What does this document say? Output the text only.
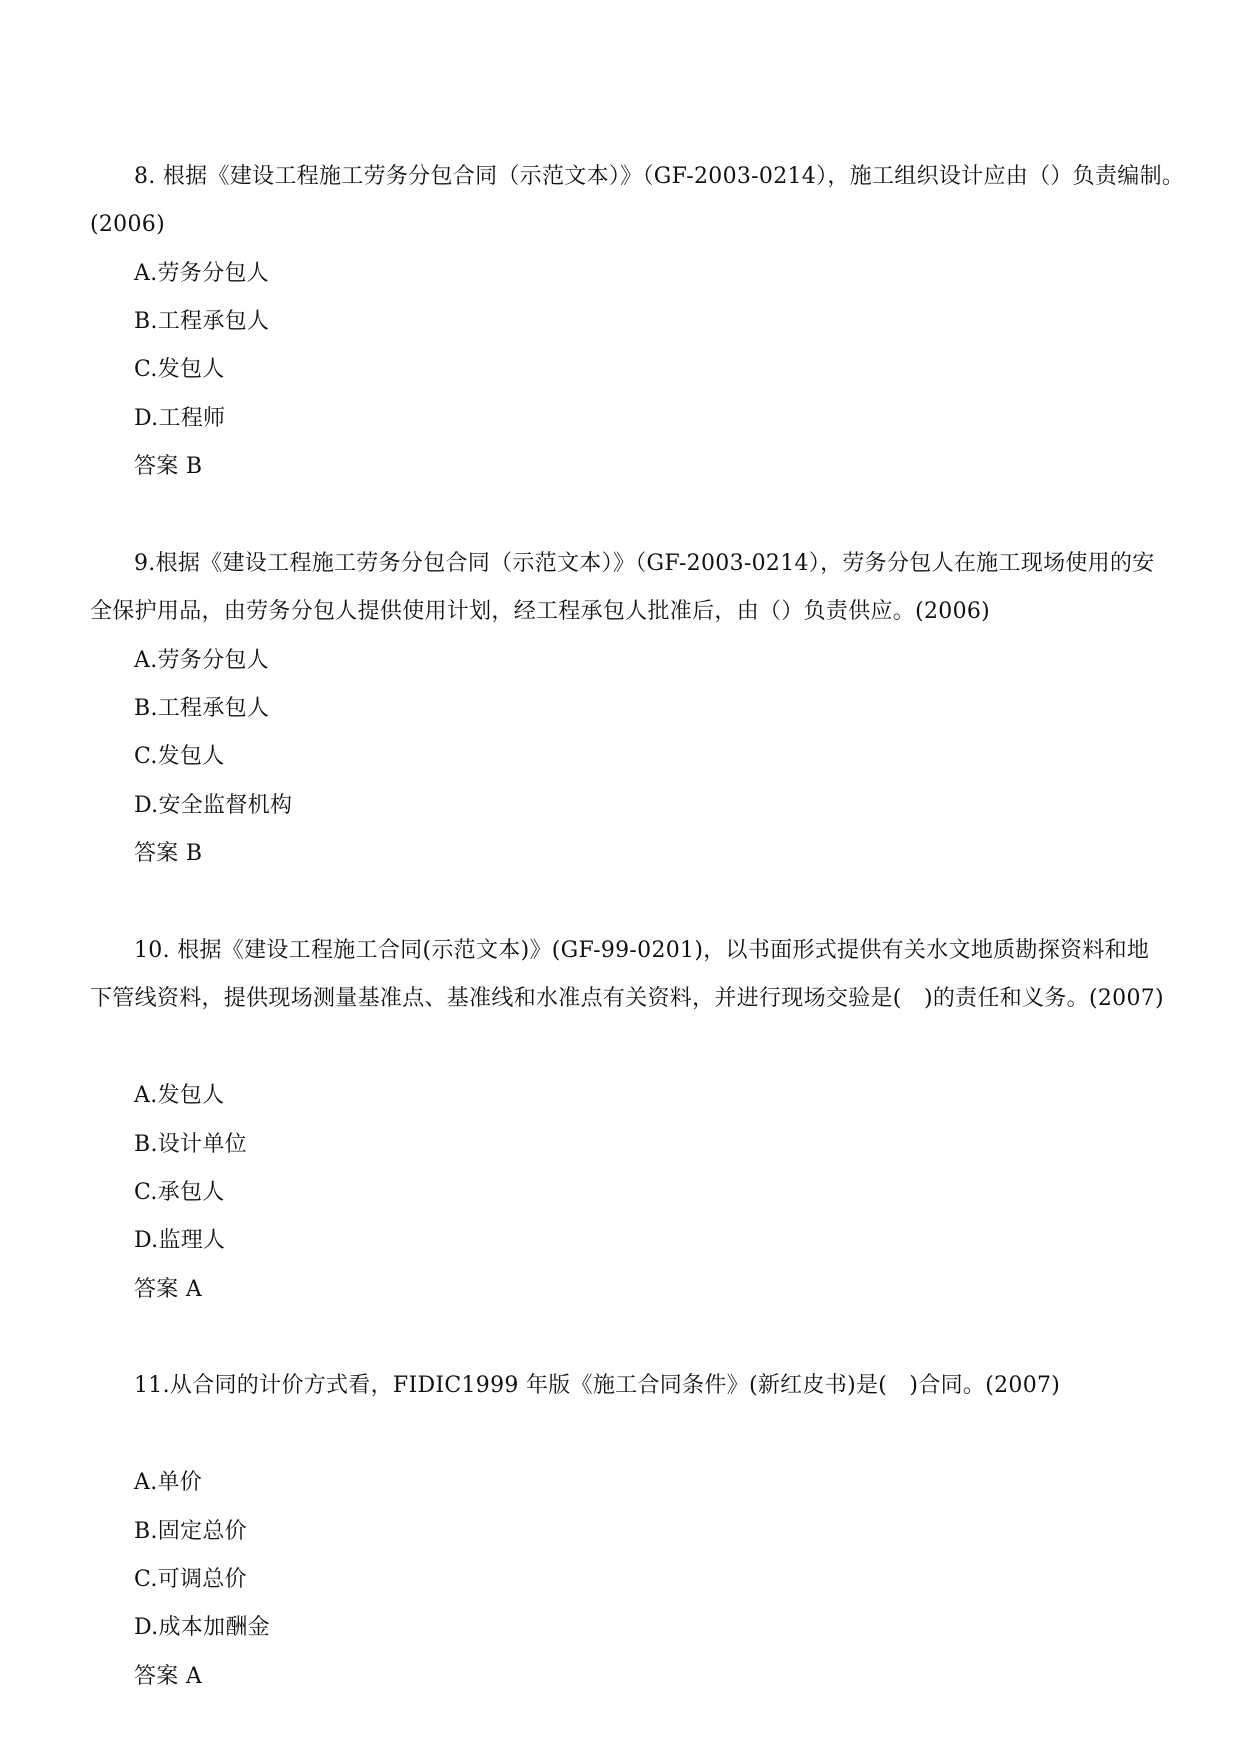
8. 根据《建设工程施工劳务分包合同（示范文本）》（GF-2003-0214），施工组织设计应由（）负责编制。
(2006)
A.劳务分包人
B.工程承包人
C.发包人
D.工程师
答案 B
9.根据《建设工程施工劳务分包合同（示范文本）》（GF-2003-0214），劳务分包人在施工现场使用的安
全保护用品，由劳务分包人提供使用计划，经工程承包人批准后，由（）负责供应。(2006)
A.劳务分包人
B.工程承包人
C.发包人
D.安全监督机构
答案 B
10. 根据《建设工程施工合同(示范文本)》(GF-99-0201)，以书面形式提供有关水文地质勘探资料和地
下管线资料，提供现场测量基准点、基准线和水准点有关资料，并进行现场交验是(　)的责任和义务。(2007)
A.发包人
B.设计单位
C.承包人
D.监理人
答案 A
11.从合同的计价方式看，FIDIC1999 年版《施工合同条件》(新红皮书)是(　)合同。(2007)
A.单价
B.固定总价
C.可调总价
D.成本加酬金
答案 A
